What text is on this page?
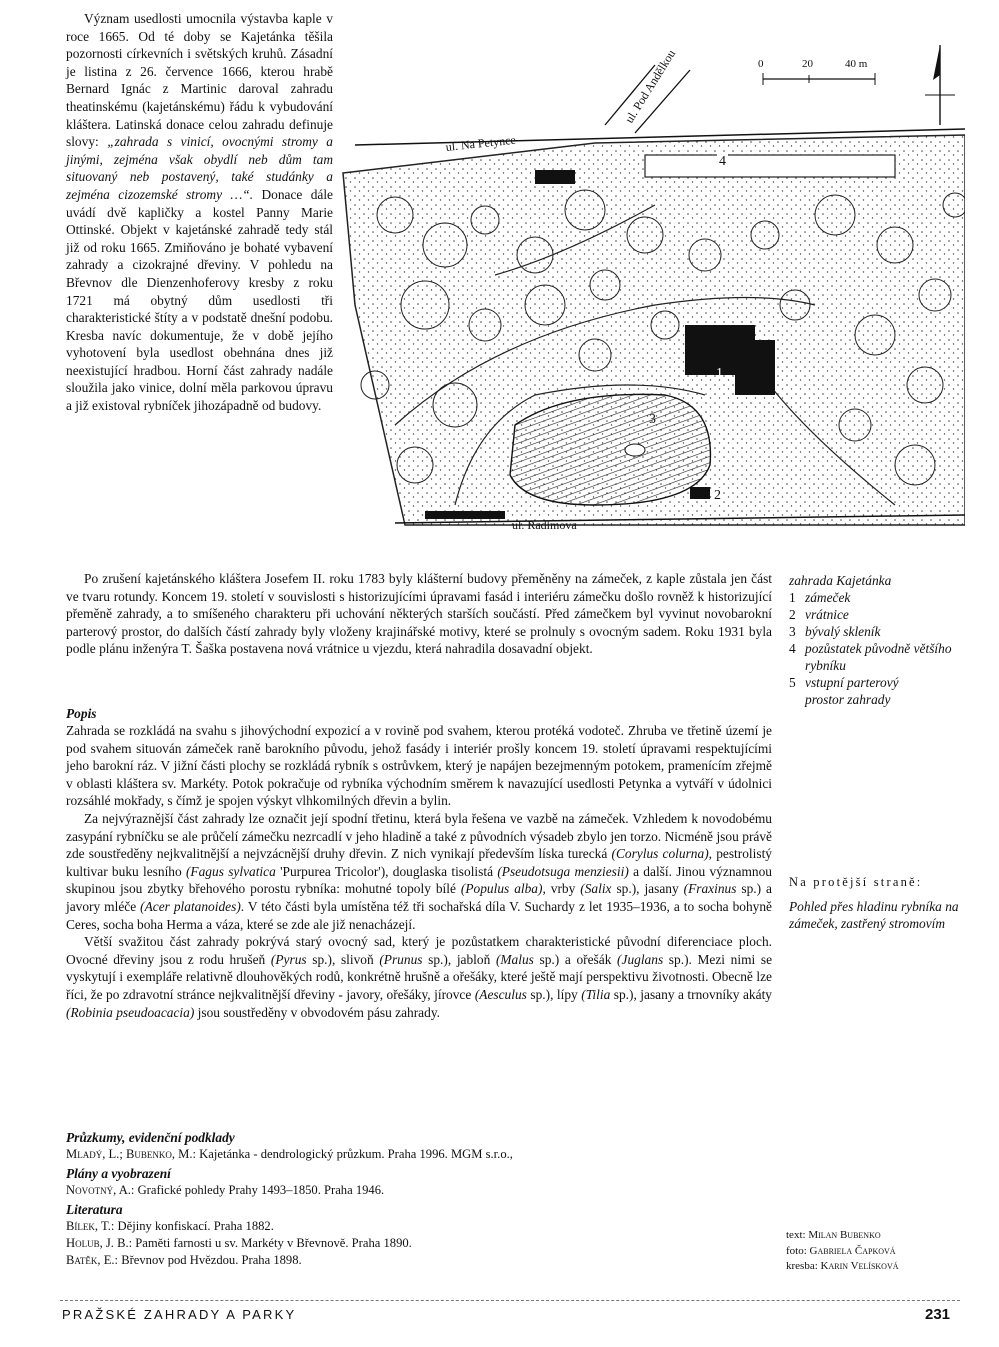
Význam usedlosti umocnila výstavba kaple v roce 1665. Od té doby se Kajetánka těšila pozornosti církevních i světských kruhů. Zásadní je listina z 26. července 1666, kterou hrabě Bernard Ignác z Martinic daroval zahradu theatinskému (kajetánskému) řádu k vybudování kláštera. Latinská donace celou zahradu definuje slovy: „zahrada s vinicí, ovocnými stromy a jinými, zejména však obydlí neb dům tam situovaný neb postavený, také studánky a zejména cizozemské stromy …“. Donace dále uvádí dvě kapličky a kostel Panny Marie Ottinské. Objekt v kajetánské zahradě tedy stál již od roku 1665. Zmiňováno je bohaté vybavení zahrady a cizokrajné dřeviny. V pohledu na Břevnov dle Dienzenhoferovy kresby z roku 1721 má obytný dům usedlosti tři charakteristické štíty a v podstatě dnešní podobu. Kresba navíc dokumentuje, že v době jejího vyhotovení byla usedlost obehnána dnes již neexistující hradbou. Horní část zahrady nadále sloužila jako vinice, dolní měla parkovou úpravu a již existoval rybníček jihozápadně od budovy.

0	20	40 m
ul. Na Petynce
ul. Pod Andělkou
ul. Radimova
4
1
3
2

Po zrušení kajetánského kláštera Josefem II. roku 1783 byly klášterní budovy přeměněny na zámeček, z kaple zůstala jen část ve tvaru rotundy. Koncem 19. století v souvislosti s historizujícími úpravami fasád i interiéru zámečku došlo rovněž k historizující přeměně zahrady, a to smíšeného charakteru při uchování některých starších součástí. Před zámečkem byl vyvinut novobarokní parterový prostor, do dalších částí zahrady byly vloženy krajinářské motivy, které se prolnuly s ovocným sadem. Roku 1931 byla podle plánu inženýra T. Šaška postavena nová vrátnice u vjezdu, která nahradila dosavadní objekt.

zahrada Kajetánka
1 zámeček
2 vrátnice
3 bývalý skleník
4 pozůstatek původně většího rybníku
5 vstupní parterový prostor zahrady
Popis

Zahrada se rozkládá na svahu s jihovýchodní expozicí a v rovině pod svahem, kterou protéká vodoteč. Zhruba ve třetině území je pod svahem situován zámeček raně barokního původu, jehož fasády i interiér prošly koncem 19. století úpravami respektujícími jeho barokní ráz. V jižní části plochy se rozkládá rybník s ostrůvkem, který je napájen bezejmenným potokem, pramenícím zřejmě v oblasti kláštera sv. Markéty. Potok pokračuje od rybníka východním směrem k navazující usedlosti Petynka a vytváří v údolnici rozsáhlé mokřady, s čímž je spojen výskyt vlhkomilných dřevin a bylin.

Za nejvýraznější část zahrady lze označit její spodní třetinu, která byla řešena ve vazbě na zámeček. Vzhledem k novodobému zasypání rybníčku se ale průčelí zámečku nezrcadlí v jeho hladině a také z původních výsadeb zbylo jen torzo. Nicméně jsou právě zde soustředěny nejkvalitnější a nejvzácnější druhy dřevin. Z nich vynikají především líska turecká (Corylus colurna), pestrolistý kultivar buku lesního (Fagus sylvatica 'Purpurea Tricolor'), douglaska tisolistá (Pseudotsuga menziesii) a další. Jinou významnou skupinou jsou zbytky břehového porostu rybníka: mohutné topoly bílé (Populus alba), vrby (Salix sp.), jasany (Fraxinus sp.) a javory mléče (Acer platanoides). V této části byla umístěna též tři sochařská díla V. Suchardy z let 1935–1936, a to socha bohyně Ceres, socha boha Herma a váza, které se zde ale již nenacházejí.

Větší svažitou část zahrady pokrývá starý ovocný sad, který je pozůstatkem charakteristické původní diferenciace ploch. Ovocné dřeviny jsou z rodu hrušeň (Pyrus sp.), slivoň (Prunus sp.), jabloň (Malus sp.) a ořešák (Juglans sp.). Mezi nimi se vyskytují i exempláře relativně dlouhověkých rodů, konkrétně hrušně a ořešáky, které ještě mají perspektivu životnosti. Obecně lze říci, že po zdravotní stránce nejkvalitnější dřeviny - javory, ořešáky, jírovce (Aesculus sp.), lípy (Tilia sp.), jasany a trnovníky akáty (Robinia pseudoacacia) jsou soustředěny v obvodovém pásu zahrady.

Na protější straně:
Pohled přes hladinu rybníka na zámeček, zastřený stromovím
Průzkumy, evidenční podklady
Mladý, L.; Bubenko, M.: Kajetánka - dendrologický průzkum. Praha 1996. MGM s.r.o.,
Plány a vyobrazení
Novotný, A.: Grafické pohledy Prahy 1493–1850. Praha 1946.
Literatura
Bílek, T.: Dějiny konfiskací. Praha 1882.
Holub, J. B.: Paměti farnosti u sv. Markéty v Břevnově. Praha 1890.
Batěk, E.: Břevnov pod Hvězdou. Praha 1898.
text: Milan Bubenko
foto: Gabriela Čapková
kresba: Karin Velísková
PRAŽSKÉ ZAHRADY A PARKY	231
